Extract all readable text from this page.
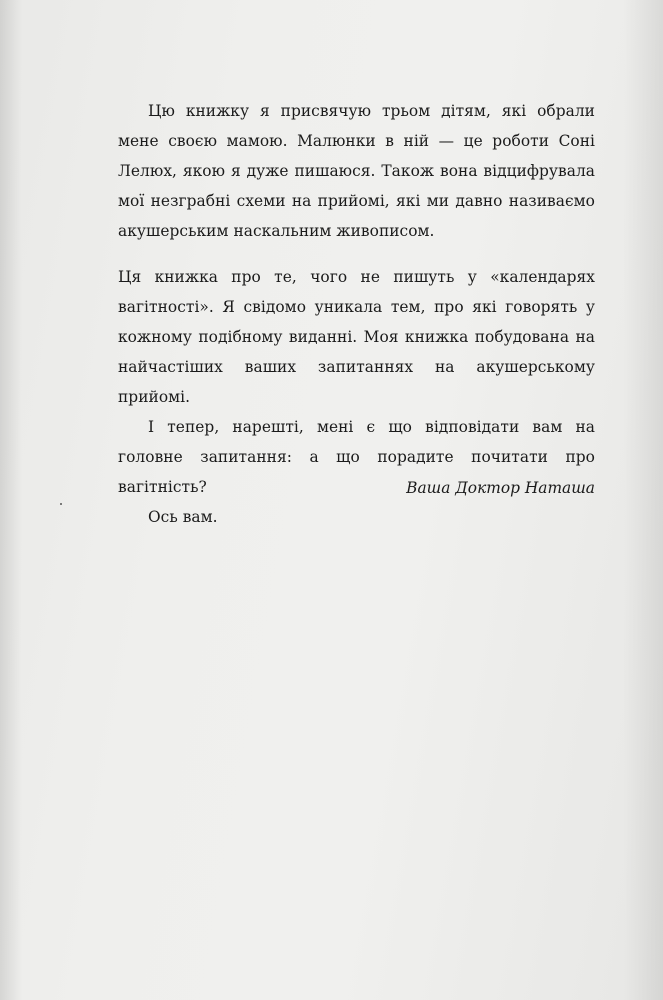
Цю книжку я присвячую трьом дітям, які обрали мене своєю мамою. Малюнки в ній — це роботи Соні Лелюх, якою я дуже пишаюся. Також вона відцифрувала мої незграбні схеми на прийомі, які ми давно називаємо акушерським наскальним живописом.

Ця книжка про те, чого не пишуть у «календарях вагітності». Я свідомо уникала тем, про які говорять у кожному подібному виданні. Моя книжка побудована на найчастіших ваших запитаннях на акушерському прийомі.

І тепер, нарешті, мені є що відповідати вам на головне запитання: а що порадите почитати про вагітність?

Ось вам.

Ваша Доктор Наташа
